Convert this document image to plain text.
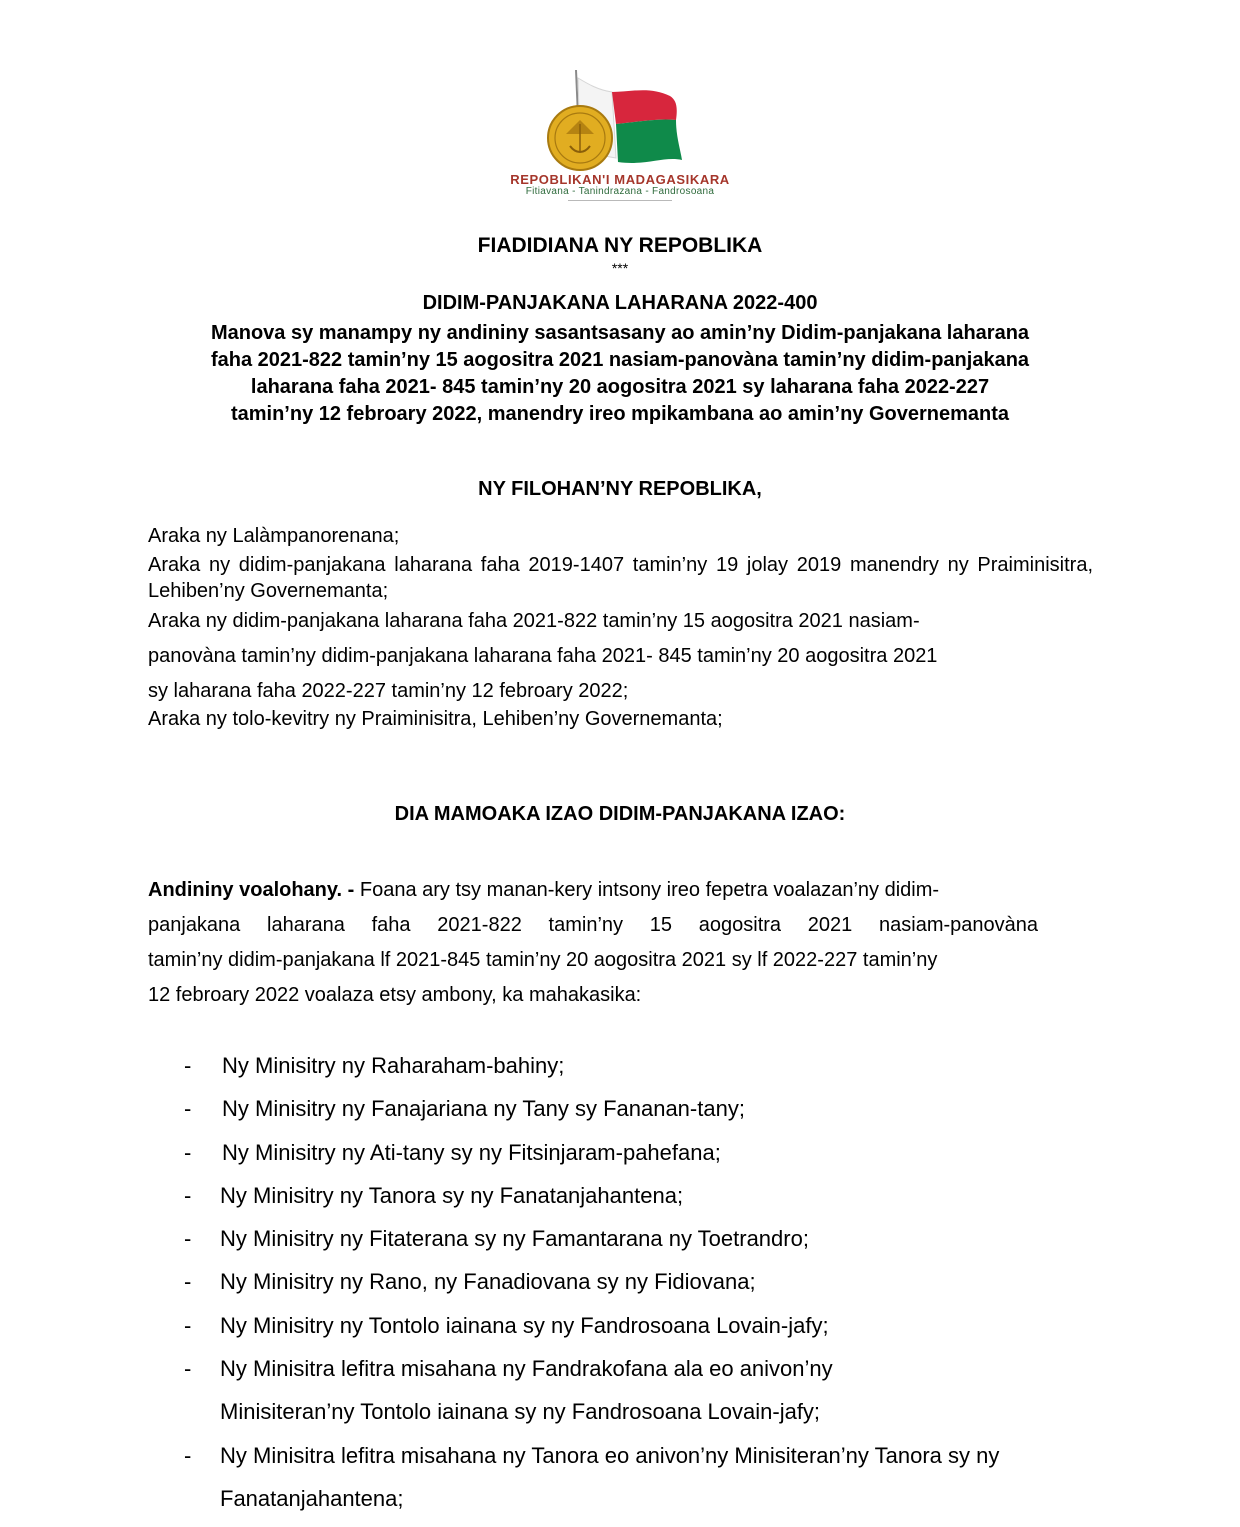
REPOBLIKAN'I MADAGASIKARA
Fitiavana - Tanindrazana - Fandrosoana
FIADIDIANA NY REPOBLIKA
***
DIDIM-PANJAKANA LAHARANA 2022-400
Manova sy manampy ny andininy sasantsasany ao amin’ny Didim-panjakana laharana
faha 2021-822 tamin’ny 15 aogositra 2021 nasiam-panovàna tamin’ny didim-panjakana
laharana faha 2021- 845 tamin’ny 20 aogositra 2021 sy laharana faha 2022-227
tamin’ny 12 febroary 2022, manendry ireo mpikambana ao amin’ny Governemanta
NY FILOHAN’NY REPOBLIKA,
Araka ny Lalàmpanorenana;
Araka ny didim-panjakana laharana faha 2019-1407 tamin’ny 19 jolay 2019 manendry ny Praiminisitra, Lehiben’ny Governemanta;
Araka ny didim-panjakana laharana faha 2021-822 tamin’ny 15 aogositra 2021 nasiam-
panovàna tamin’ny didim-panjakana laharana faha 2021- 845 tamin’ny 20 aogositra 2021
sy laharana faha 2022-227 tamin’ny 12 febroary 2022;
Araka ny tolo-kevitry ny Praiminisitra, Lehiben’ny Governemanta;
DIA MAMOAKA IZAO DIDIM-PANJAKANA IZAO:
Andininy voalohany. - Foana ary tsy manan-kery intsony ireo fepetra voalazan’ny didim-
panjakana laharana faha 2021-822 tamin’ny 15 aogositra 2021 nasiam-panovàna
tamin’ny didim-panjakana lf 2021-845 tamin’ny 20 aogositra 2021 sy lf 2022-227 tamin’ny
12 febroary 2022 voalaza etsy ambony, ka mahakasika:
- Ny Minisitry ny Raharaham-bahiny;
- Ny Minisitry ny Fanajariana ny Tany sy Fananan-tany;
- Ny Minisitry ny Ati-tany sy ny Fitsinjaram-pahefana;
- Ny Minisitry ny Tanora sy ny Fanatanjahantena;
- Ny Minisitry ny Fitaterana sy ny Famantarana ny Toetrandro;
- Ny Minisitry ny Rano, ny Fanadiovana sy ny Fidiovana;
- Ny Minisitry ny Tontolo iainana sy ny Fandrosoana Lovain-jafy;
- Ny Minisitra lefitra misahana ny Fandrakofana ala eo anivon’ny Minisiteran’ny Tontolo iainana sy ny Fandrosoana Lovain-jafy;
- Ny Minisitra lefitra misahana ny Tanora eo anivon’ny Minisiteran’ny Tanora sy ny Fanatanjahantena;
